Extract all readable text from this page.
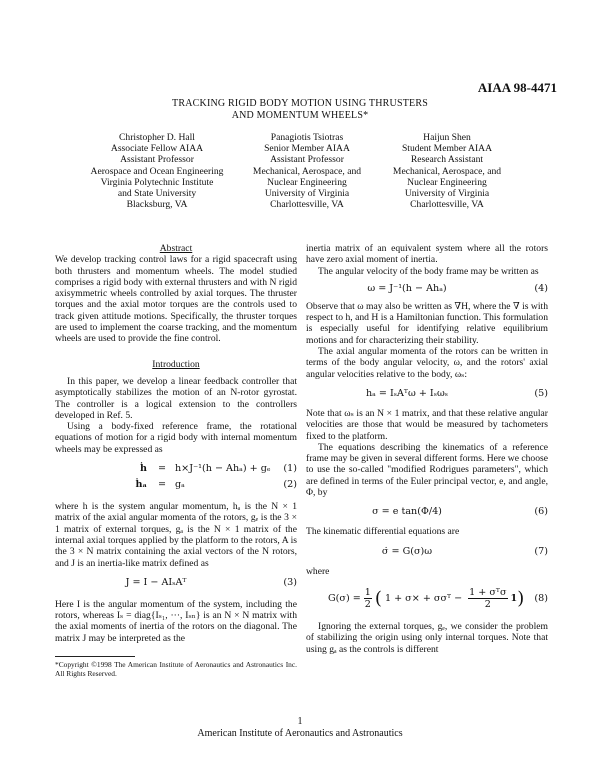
AIAA 98-4471
TRACKING RIGID BODY MOTION USING THRUSTERS
AND MOMENTUM WHEELS*
Christopher D. Hall
Associate Fellow AIAA
Assistant Professor
Aerospace and Ocean Engineering
Virginia Polytechnic Institute
and State University
Blacksburg, VA
Panagiotis Tsiotras
Senior Member AIAA
Assistant Professor
Mechanical, Aerospace, and
Nuclear Engineering
University of Virginia
Charlottesville, VA
Haijun Shen
Student Member AIAA
Research Assistant
Mechanical, Aerospace, and
Nuclear Engineering
University of Virginia
Charlottesville, VA

Abstract

We develop tracking control laws for a rigid spacecraft using both thrusters and momentum wheels. The model studied comprises a rigid body with external thrusters and with N rigid axisymmetric wheels controlled by axial torques. The thruster torques and the axial motor torques are the controls used to track given attitude motions. Specifically, the thruster torques are used to implement the coarse tracking, and the momentum wheels are used to provide the fine control.

Introduction

In this paper, we develop a linear feedback controller that asymptotically stabilizes the motion of an N-rotor gyrostat. The controller is a logical extension to the controllers developed in Ref. 5.

Using a body-fixed reference frame, the rotational equations of motion for a rigid body with internal momentum wheels may be expressed as

ḣ = h×J⁻¹(h − Ahₐ) + gₑ (1)
ḣₐ = gₐ	(2)

where h is the system angular momentum, hₐ is the N × 1 matrix of the axial angular momenta of the rotors, gₑ is the 3 × 1 matrix of external torques, gₐ is the N × 1 matrix of the internal axial torques applied by the platform to the rotors, A is the 3 × N matrix containing the axial vectors of the N rotors, and J is an inertia-like matrix defined as

J = I − AIₛAᵀ	(3)

Here I is the angular momentum of the system, including the rotors, whereas Iₛ = diag{Iₛ₁, ···, Iₛₙ} is an N × N matrix with the axial moments of inertia of the rotors on the diagonal. The matrix J may be interpreted as the

*Copyright ©1998 The American Institute of Aeronautics and Astronautics Inc. All Rights Reserved.

inertia matrix of an equivalent system where all the rotors have zero axial moment of inertia.

The angular velocity of the body frame may be written as

ω = J⁻¹(h − Ahₐ)	(4)

Observe that ω may also be written as ∇H, where the ∇ is with respect to h, and H is a Hamiltonian function. This formulation is especially useful for identifying relative equilibrium motions and for characterizing their stability.

The axial angular momenta of the rotors can be written in terms of the body angular velocity, ω, and the rotors' axial angular velocities relative to the body, ωₛ:

hₐ = IₛAᵀω + Iₛωₛ	(5)

Note that ωₛ is an N × 1 matrix, and that these relative angular velocities are those that would be measured by tachometers fixed to the platform.

The equations describing the kinematics of a reference frame may be given in several different forms. Here we choose to use the so-called "modified Rodrigues parameters", which are defined in terms of the Euler principal vector, e, and angle, Φ, by

σ = e tan(Φ/4)	(6)

The kinematic differential equations are

σ̇ = G(σ)ω	(7)

where

$G(\sigma) = \frac{1}{2}$ ( 1 + σ× + σσᵀ −
1 + σᵀσ
2
1 ) (8)

Ignoring the external torques, gₑ, we consider the problem of stabilizing the origin using only internal torques. Note that using gₐ as the controls is different

1
American Institute of Aeronautics and Astronautics
